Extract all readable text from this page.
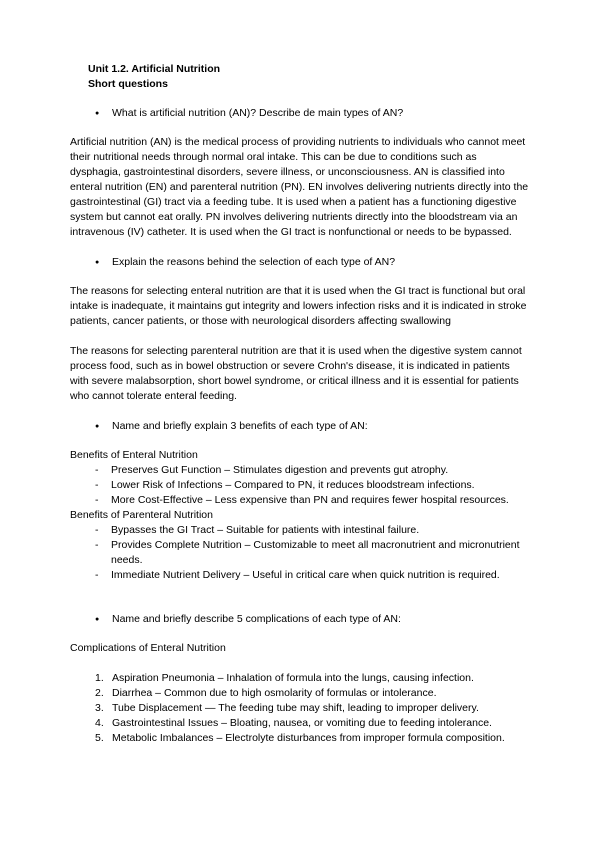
Unit 1.2. Artificial Nutrition

Short questions

●	What is artificial nutrition (AN)? Describe de main types of AN?

Artificial nutrition (AN) is the medical process of providing nutrients to individuals who cannot meet their nutritional needs through normal oral intake. This can be due to conditions such as dysphagia, gastrointestinal disorders, severe illness, or unconsciousness. AN is classified into enteral nutrition (EN) and parenteral nutrition (PN). EN involves delivering nutrients directly into the gastrointestinal (GI) tract via a feeding tube. It is used when a patient has a functioning digestive system but cannot eat orally. PN involves delivering nutrients directly into the bloodstream via an intravenous (IV) catheter. It is used when the GI tract is nonfunctional or needs to be bypassed.

●	Explain the reasons behind the selection of each type of AN?

The reasons for selecting enteral nutrition are that it is used when the GI tract is functional but oral intake is inadequate, it maintains gut integrity and lowers infection risks and it is indicated in stroke patients, cancer patients, or those with neurological disorders affecting swallowing

The reasons for selecting parenteral nutrition are that it is used when the digestive system cannot process food, such as in bowel obstruction or severe Crohn's disease, it is indicated in patients with severe malabsorption, short bowel syndrome, or critical illness and it is essential for patients who cannot tolerate enteral feeding.

●	Name and briefly explain 3 benefits of each type of AN:

Benefits of Enteral Nutrition

-	Preserves Gut Function – Stimulates digestion and prevents gut atrophy.
-	Lower Risk of Infections – Compared to PN, it reduces bloodstream infections.
-	More Cost-Effective – Less expensive than PN and requires fewer hospital resources.

Benefits of Parenteral Nutrition

-	Bypasses the GI Tract – Suitable for patients with intestinal failure.
-	Provides Complete Nutrition – Customizable to meet all macronutrient and micronutrient needs.
-	Immediate Nutrient Delivery – Useful in critical care when quick nutrition is required.
●	Name and briefly describe 5 complications of each type of AN:

Complications of Enteral Nutrition

1. Aspiration Pneumonia – Inhalation of formula into the lungs, causing infection.
2. Diarrhea – Common due to high osmolarity of formulas or intolerance.
3. Tube Displacement — The feeding tube may shift, leading to improper delivery.
4. Gastrointestinal Issues – Bloating, nausea, or vomiting due to feeding intolerance.
5. Metabolic Imbalances – Electrolyte disturbances from improper formula composition.
